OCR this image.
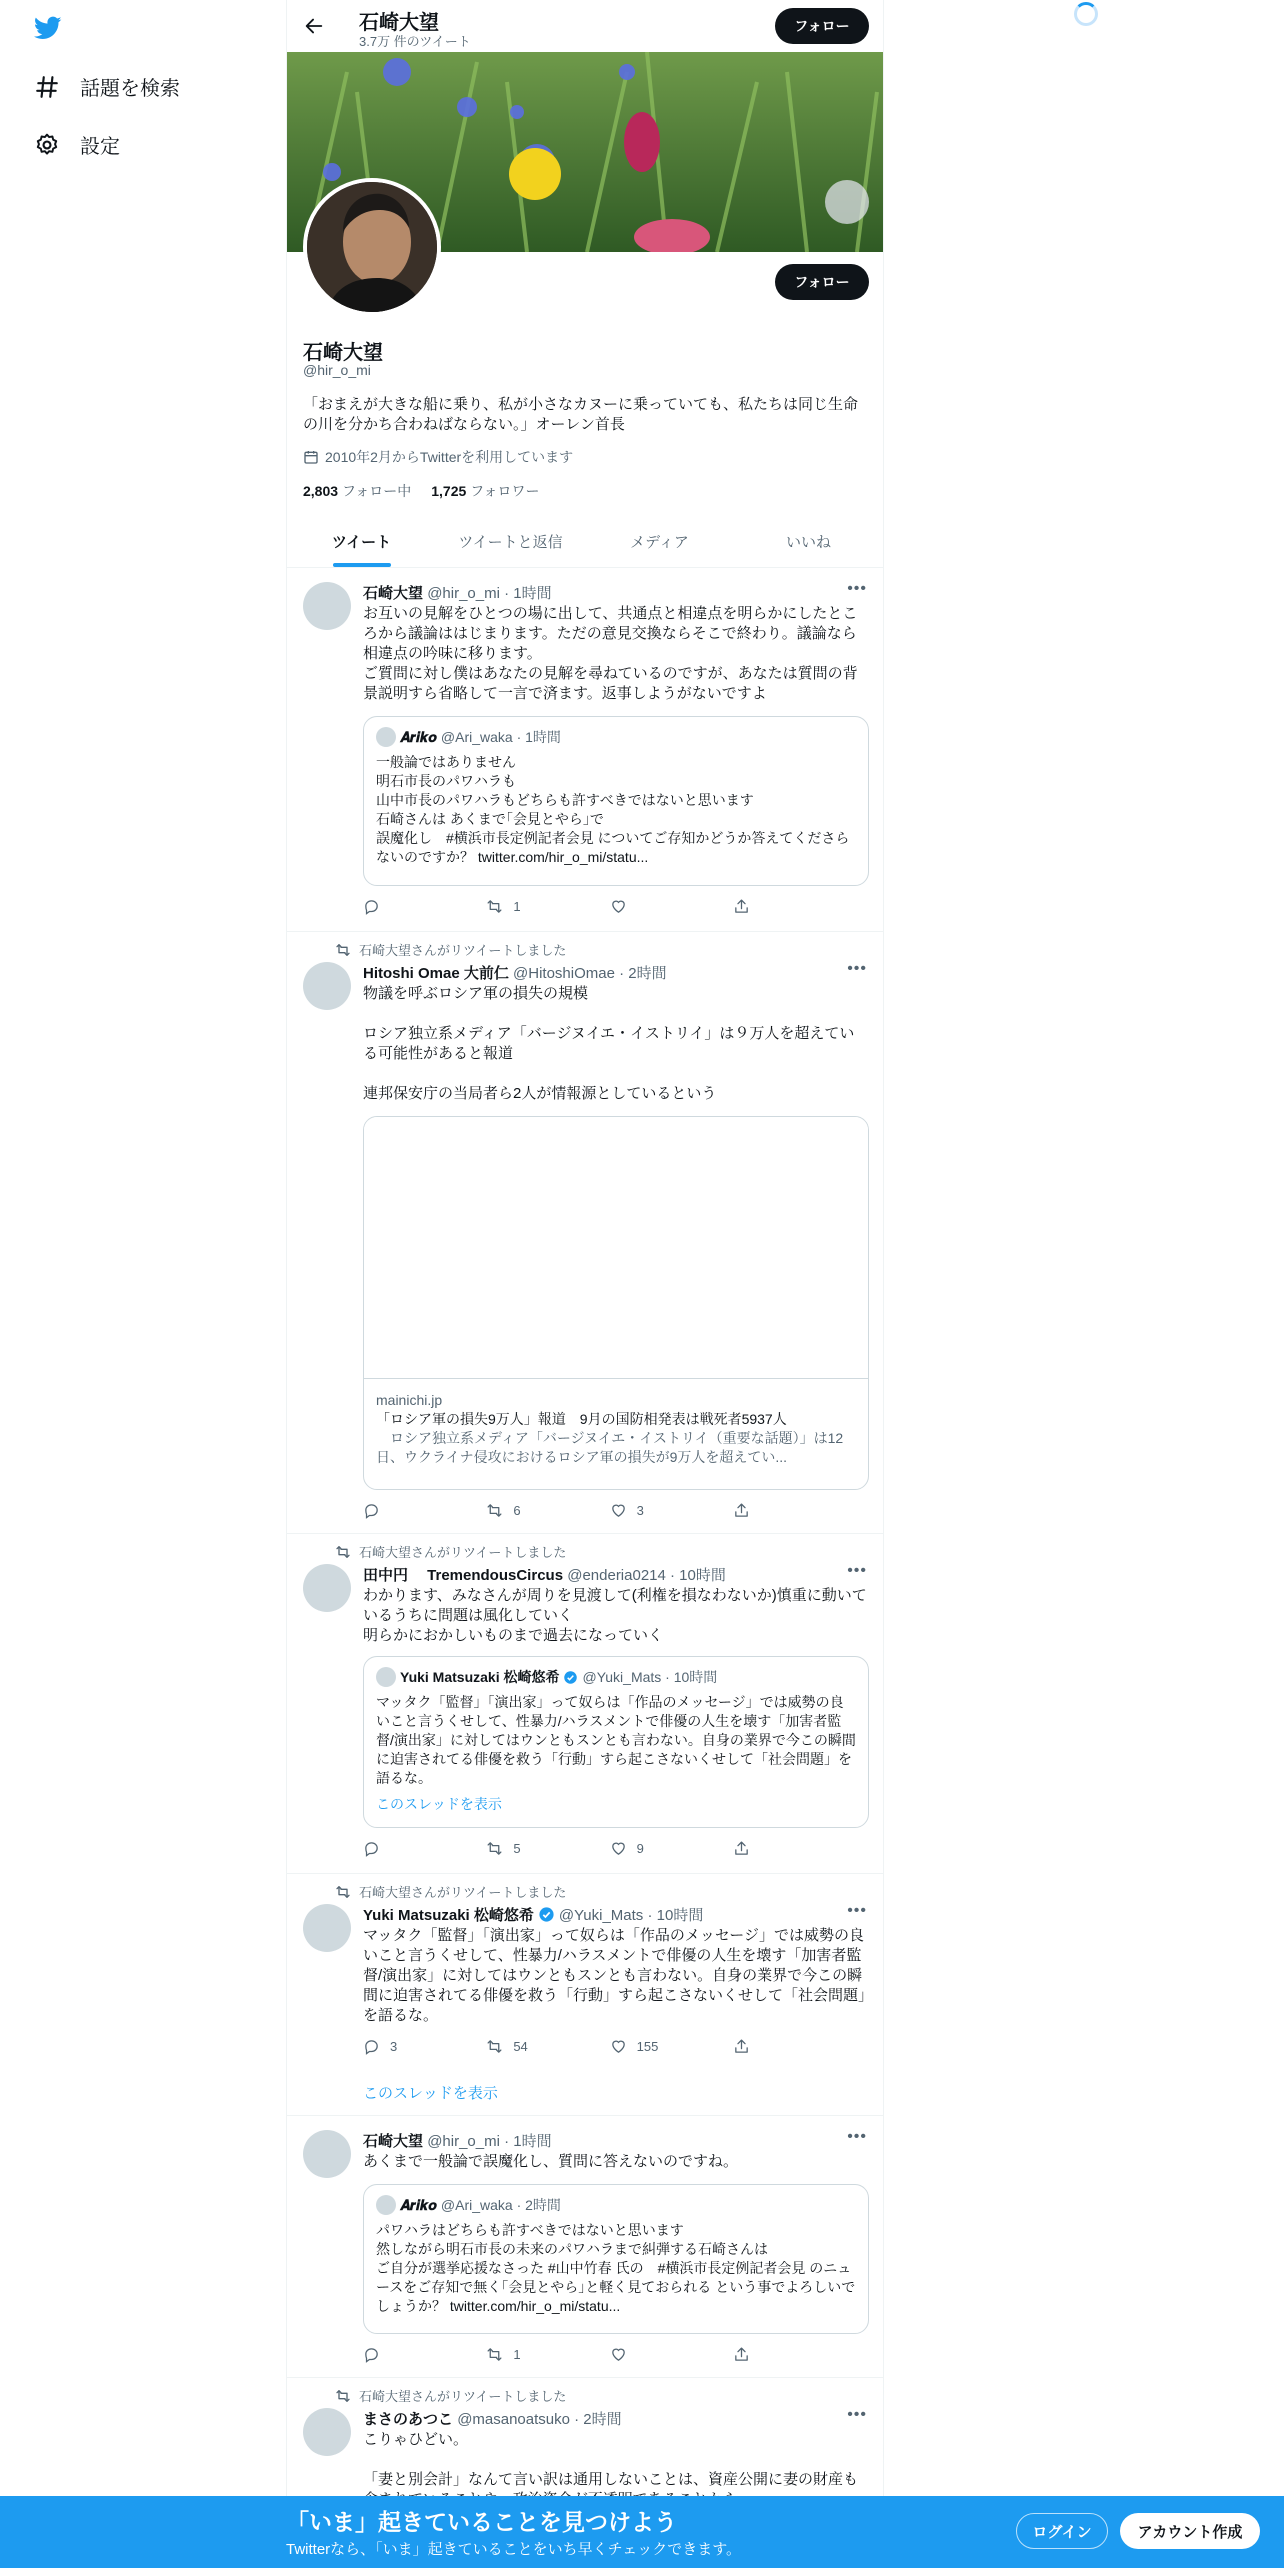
話題を検索
設定
石崎大望
3.7万 件のツイート
フォロー
フォロー
石崎大望
@hir_o_mi
「おまえが大きな船に乗り、私が小さなカヌーに乗っていても、私たちは同じ生命の川を分かち合わねばならない。」オーレン首長
2010年2月からTwitterを利用しています
2,803 フォロー中 1,725 フォロワー
ツイート	ツイートと返信	メディア	いいね
石崎大望 @hir_o_mi · 1時間	•••
お互いの見解をひとつの場に出して、共通点と相違点を明らかにしたところから議論ははじまります。ただの意見交換ならそこで終わり。議論なら相違点の吟味に移ります。
ご質問に対し僕はあなたの見解を尋ねているのですが、あなたは質問の背景説明すら省略して一言で済ます。返事しようがないですよ
𝑨𝒓𝒊𝒌𝒐 @Ari_waka · 1時間
一般論ではありません
明石市長のパワハラも
山中市長のパワハラもどちらも許すべきではないと思います
石崎さんは あくまで｢会見とやら｣で
誤魔化し　#横浜市長定例記者会見 についてご存知かどうか答えてくださらないのですか？ twitter.com/hir_o_mi/statu...
1
石崎大望さんがリツイートしました
Hitoshi Omae 大前仁 @HitoshiOmae · 2時間	•••
物議を呼ぶロシア軍の損失の規模

ロシア独立系メディア「バージヌイエ・イストリイ」は９万人を超えている可能性があると報道

連邦保安庁の当局者ら2人が情報源としているという
mainichi.jp
「ロシア軍の損失9万人」報道　9月の国防相発表は戦死者5937人
　ロシア独立系メディア「バージヌイエ・イストリイ（重要な話題）」は12日、ウクライナ侵攻におけるロシア軍の損失が9万人を超えてい...
6	3
石崎大望さんがリツイートしました
田中円　 TremendousCircus @enderia0214 · 10時間	•••
わかります、みなさんが周りを見渡して(利権を損なわないか)慎重に動いているうちに問題は風化していく
明らかにおかしいものまで過去になっていく
Yuki Matsuzaki 松崎悠希 @Yuki_Mats · 10時間
マッタク「監督」「演出家」って奴らは「作品のメッセージ」では威勢の良いこと言うくせして、性暴力/ハラスメントで俳優の人生を壊す「加害者監督/演出家」に対してはウンともスンとも言わない。自身の業界で今この瞬間に迫害されてる俳優を救う「行動」すら起こさないくせして「社会問題」を語るな。
このスレッドを表示
5	9
石崎大望さんがリツイートしました
Yuki Matsuzaki 松崎悠希 @Yuki_Mats · 10時間	•••
マッタク「監督」「演出家」って奴らは「作品のメッセージ」では威勢の良いこと言うくせして、性暴力/ハラスメントで俳優の人生を壊す「加害者監督/演出家」に対してはウンともスンとも言わない。自身の業界で今この瞬間に迫害されてる俳優を救う「行動」すら起こさないくせして「社会問題」を語るな。
3	54	155
このスレッドを表示
石崎大望 @hir_o_mi · 1時間	•••
あくまで一般論で誤魔化し、質問に答えないのですね。
𝑨𝒓𝒊𝒌𝒐 @Ari_waka · 2時間
パワハラはどちらも許すべきではないと思います
然しながら明石市長の未来のパワハラまで糾弾する石崎さんは
ご自分が選挙応援なさった #山中竹春 氏の　#横浜市長定例記者会見 のニュースをご存知で無く｢会見とやら｣と軽く見ておられる という事でよろしいでしょうか？ twitter.com/hir_o_mi/statu...
1
石崎大望さんがリツイートしました
まさのあつこ @masanoatsuko · 2時間	•••
こりゃひどい。

「妻と別会計」なんて言い訳は通用しないことは、資産公開に妻の財産も
「いま」起きていることを見つけよう
Twitterなら、「いま」起きていることをいち早くチェックできます。
ログイン	アカウント作成
